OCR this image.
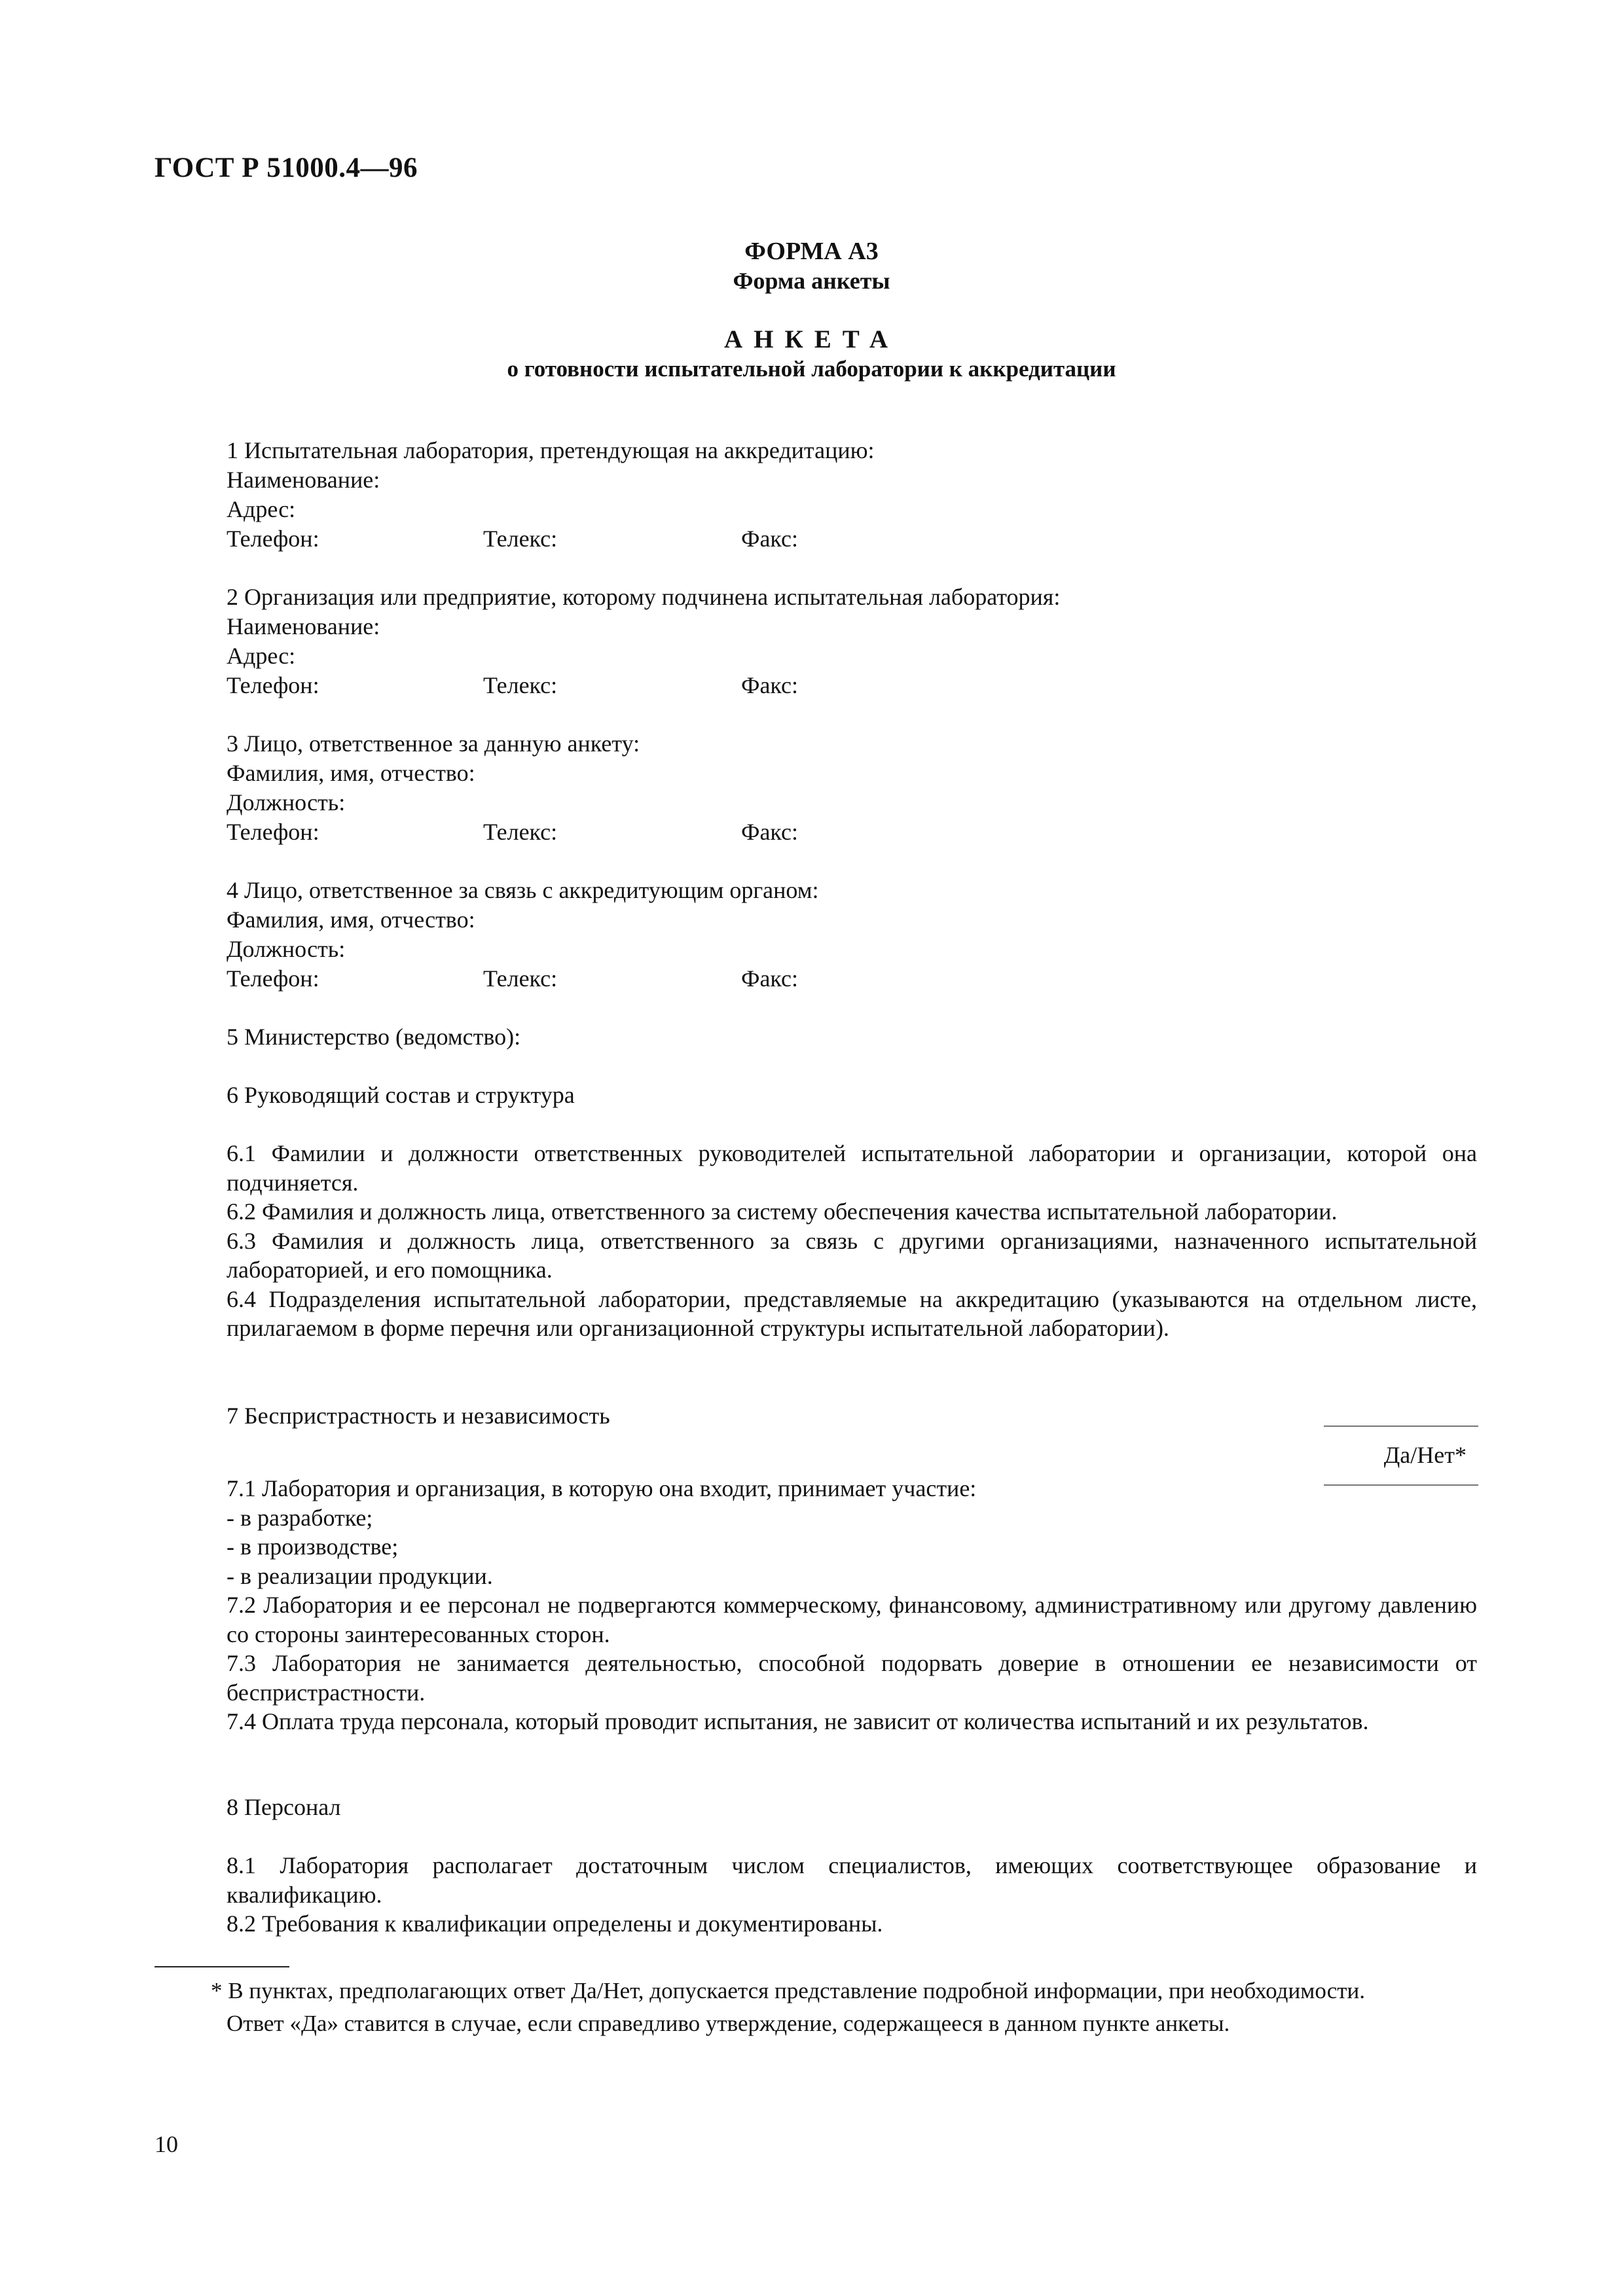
ГОСТ Р 51000.4—96
ФОРМА А3
Форма анкеты
АНКЕТА
о готовности испытательной лаборатории к аккредитации
1 Испытательная лаборатория, претендующая на аккредитацию:
Наименование:
Адрес:
Телефон:	Телекс:	Факс:
2 Организация или предприятие, которому подчинена испытательная лаборатория:
Наименование:
Адрес:
Телефон:	Телекс:	Факс:
3 Лицо, ответственное за данную анкету:
Фамилия, имя, отчество:
Должность:
Телефон:	Телекс:	Факс:
4 Лицо, ответственное за связь с аккредитующим органом:
Фамилия, имя, отчество:
Должность:
Телефон:	Телекс:	Факс:
5 Министерство (ведомство):
6 Руководящий состав и структура

6.1 Фамилии и должности ответственных руководителей испытательной лаборатории и организации, которой она подчиняется.

6.2 Фамилия и должность лица, ответственного за систему обеспечения качества испытательной лаборатории.

6.3 Фамилия и должность лица, ответственного за связь с другими организациями, назначенного испытательной лабораторией, и его помощника.

6.4 Подразделения испытательной лаборатории, представляемые на аккредитацию (указываются на отдельном листе, прилагаемом в форме перечня или организационной структуры испытательной лаборатории).

7 Беспристрастность и независимость
Да/Нет*

7.1 Лаборатория и организация, в которую она входит, принимает участие:

- в разработке;

- в производстве;

- в реализации продукции.

7.2 Лаборатория и ее персонал не подвергаются коммерческому, финансовому, административному или другому давлению со стороны заинтересованных сторон.

7.3 Лаборатория не занимается деятельностью, способной подорвать доверие в отношении ее независимости от беспристрастности.

7.4 Оплата труда персонала, который проводит испытания, не зависит от количества испытаний и их результатов.

8 Персонал

8.1 Лаборатория располагает достаточным числом специалистов, имеющих соответствующее образование и квалификацию.

8.2 Требования к квалификации определены и документированы.

* В пунктах, предполагающих ответ Да/Нет, допускается представление подробной информации, при необходимости.

Ответ «Да» ставится в случае, если справедливо утверждение, содержащееся в данном пункте анкеты.

10
